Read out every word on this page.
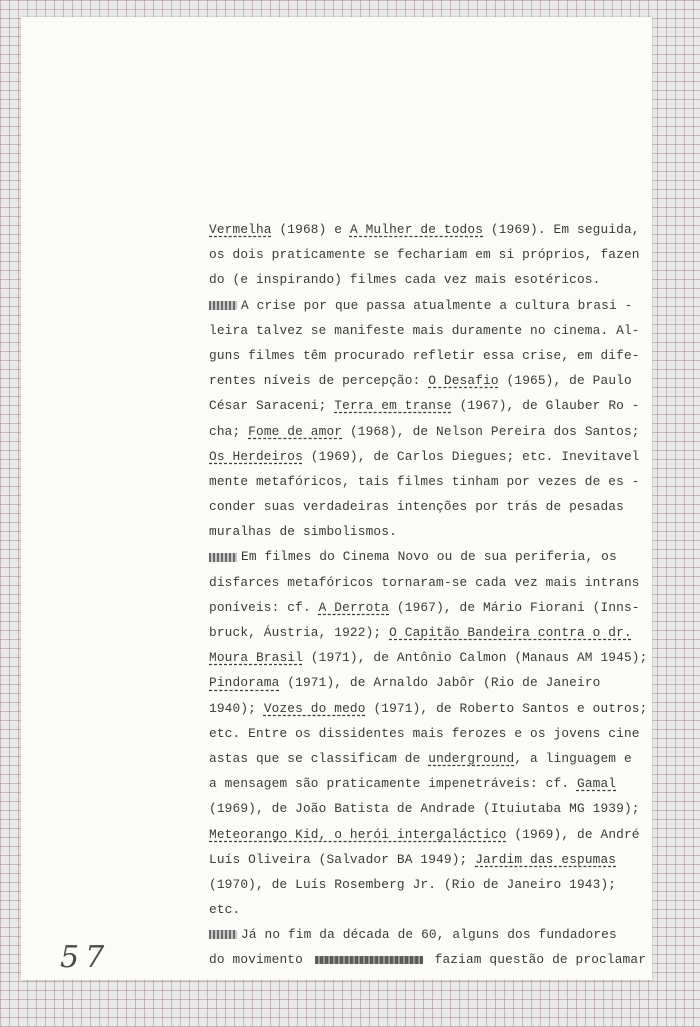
Vermelha (1968) e A Mulher de todos (1969). Em seguida,
os dois praticamente se fechariam em si próprios, fazen
do (e inspirando) filmes cada vez mais esotéricos.
A crise por que passa atualmente a cultura brasi -
leira talvez se manifeste mais duramente no cinema. Al-
guns filmes têm procurado refletir essa crise, em dife-
rentes níveis de percepção: O Desafio (1965), de Paulo
César Saraceni; Terra em transe (1967), de Glauber Ro -
cha; Fome de amor (1968), de Nelson Pereira dos Santos;
Os Herdeiros (1969), de Carlos Diegues; etc. Inevitavel
mente metafóricos, tais filmes tinham por vezes de es -
conder suas verdadeiras intenções por trás de pesadas
muralhas de simbolismos.
Em filmes do Cinema Novo ou de sua periferia, os
disfarces metafóricos tornaram-se cada vez mais intrans
poníveis: cf. A Derrota (1967), de Mário Fiorani (Inns-
bruck, Áustria, 1922); O Capitão Bandeira contra o dr.
Moura Brasil (1971), de Antônio Calmon (Manaus AM 1945);
Pindorama (1971), de Arnaldo Jabôr (Rio de Janeiro
1940); Vozes do medo (1971), de Roberto Santos e outros;
etc. Entre os dissidentes mais ferozes e os jovens cine
astas que se classificam de underground, a linguagem e
a mensagem são praticamente impenetráveis: cf. Gamal
(1969), de João Batista de Andrade (Ituiutaba MG 1939);
Meteorango Kid, o herói intergaláctico (1969), de André
Luís Oliveira (Salvador BA 1949); Jardim das espumas
(1970), de Luís Rosemberg Jr. (Rio de Janeiro 1943);
etc.
Já no fim da década de 60, alguns dos fundadores
do movimento	faziam questão de proclamar
57
